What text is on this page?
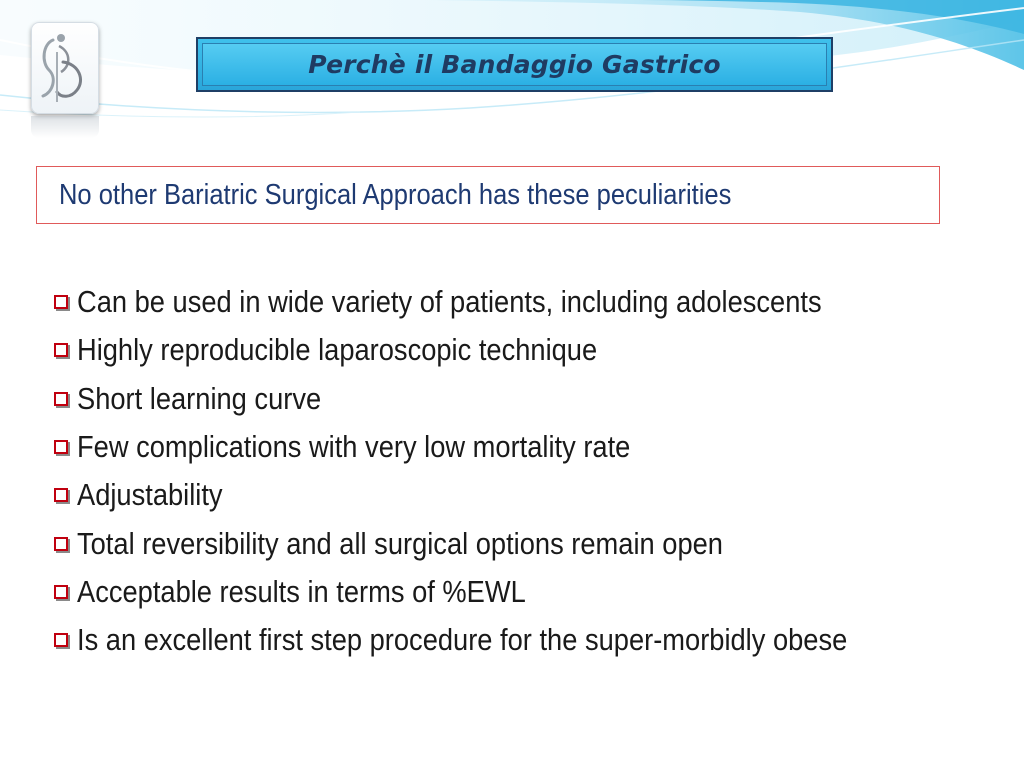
Perchè il Bandaggio Gastrico
No other Bariatric Surgical Approach has these peculiarities
Can be used in wide variety of patients, including adolescents
Highly reproducible laparoscopic technique
Short learning curve
Few complications with very low mortality rate
Adjustability
Total reversibility and all surgical options remain open
Acceptable results in terms of %EWL
Is an excellent first step procedure for the super-morbidly obese
